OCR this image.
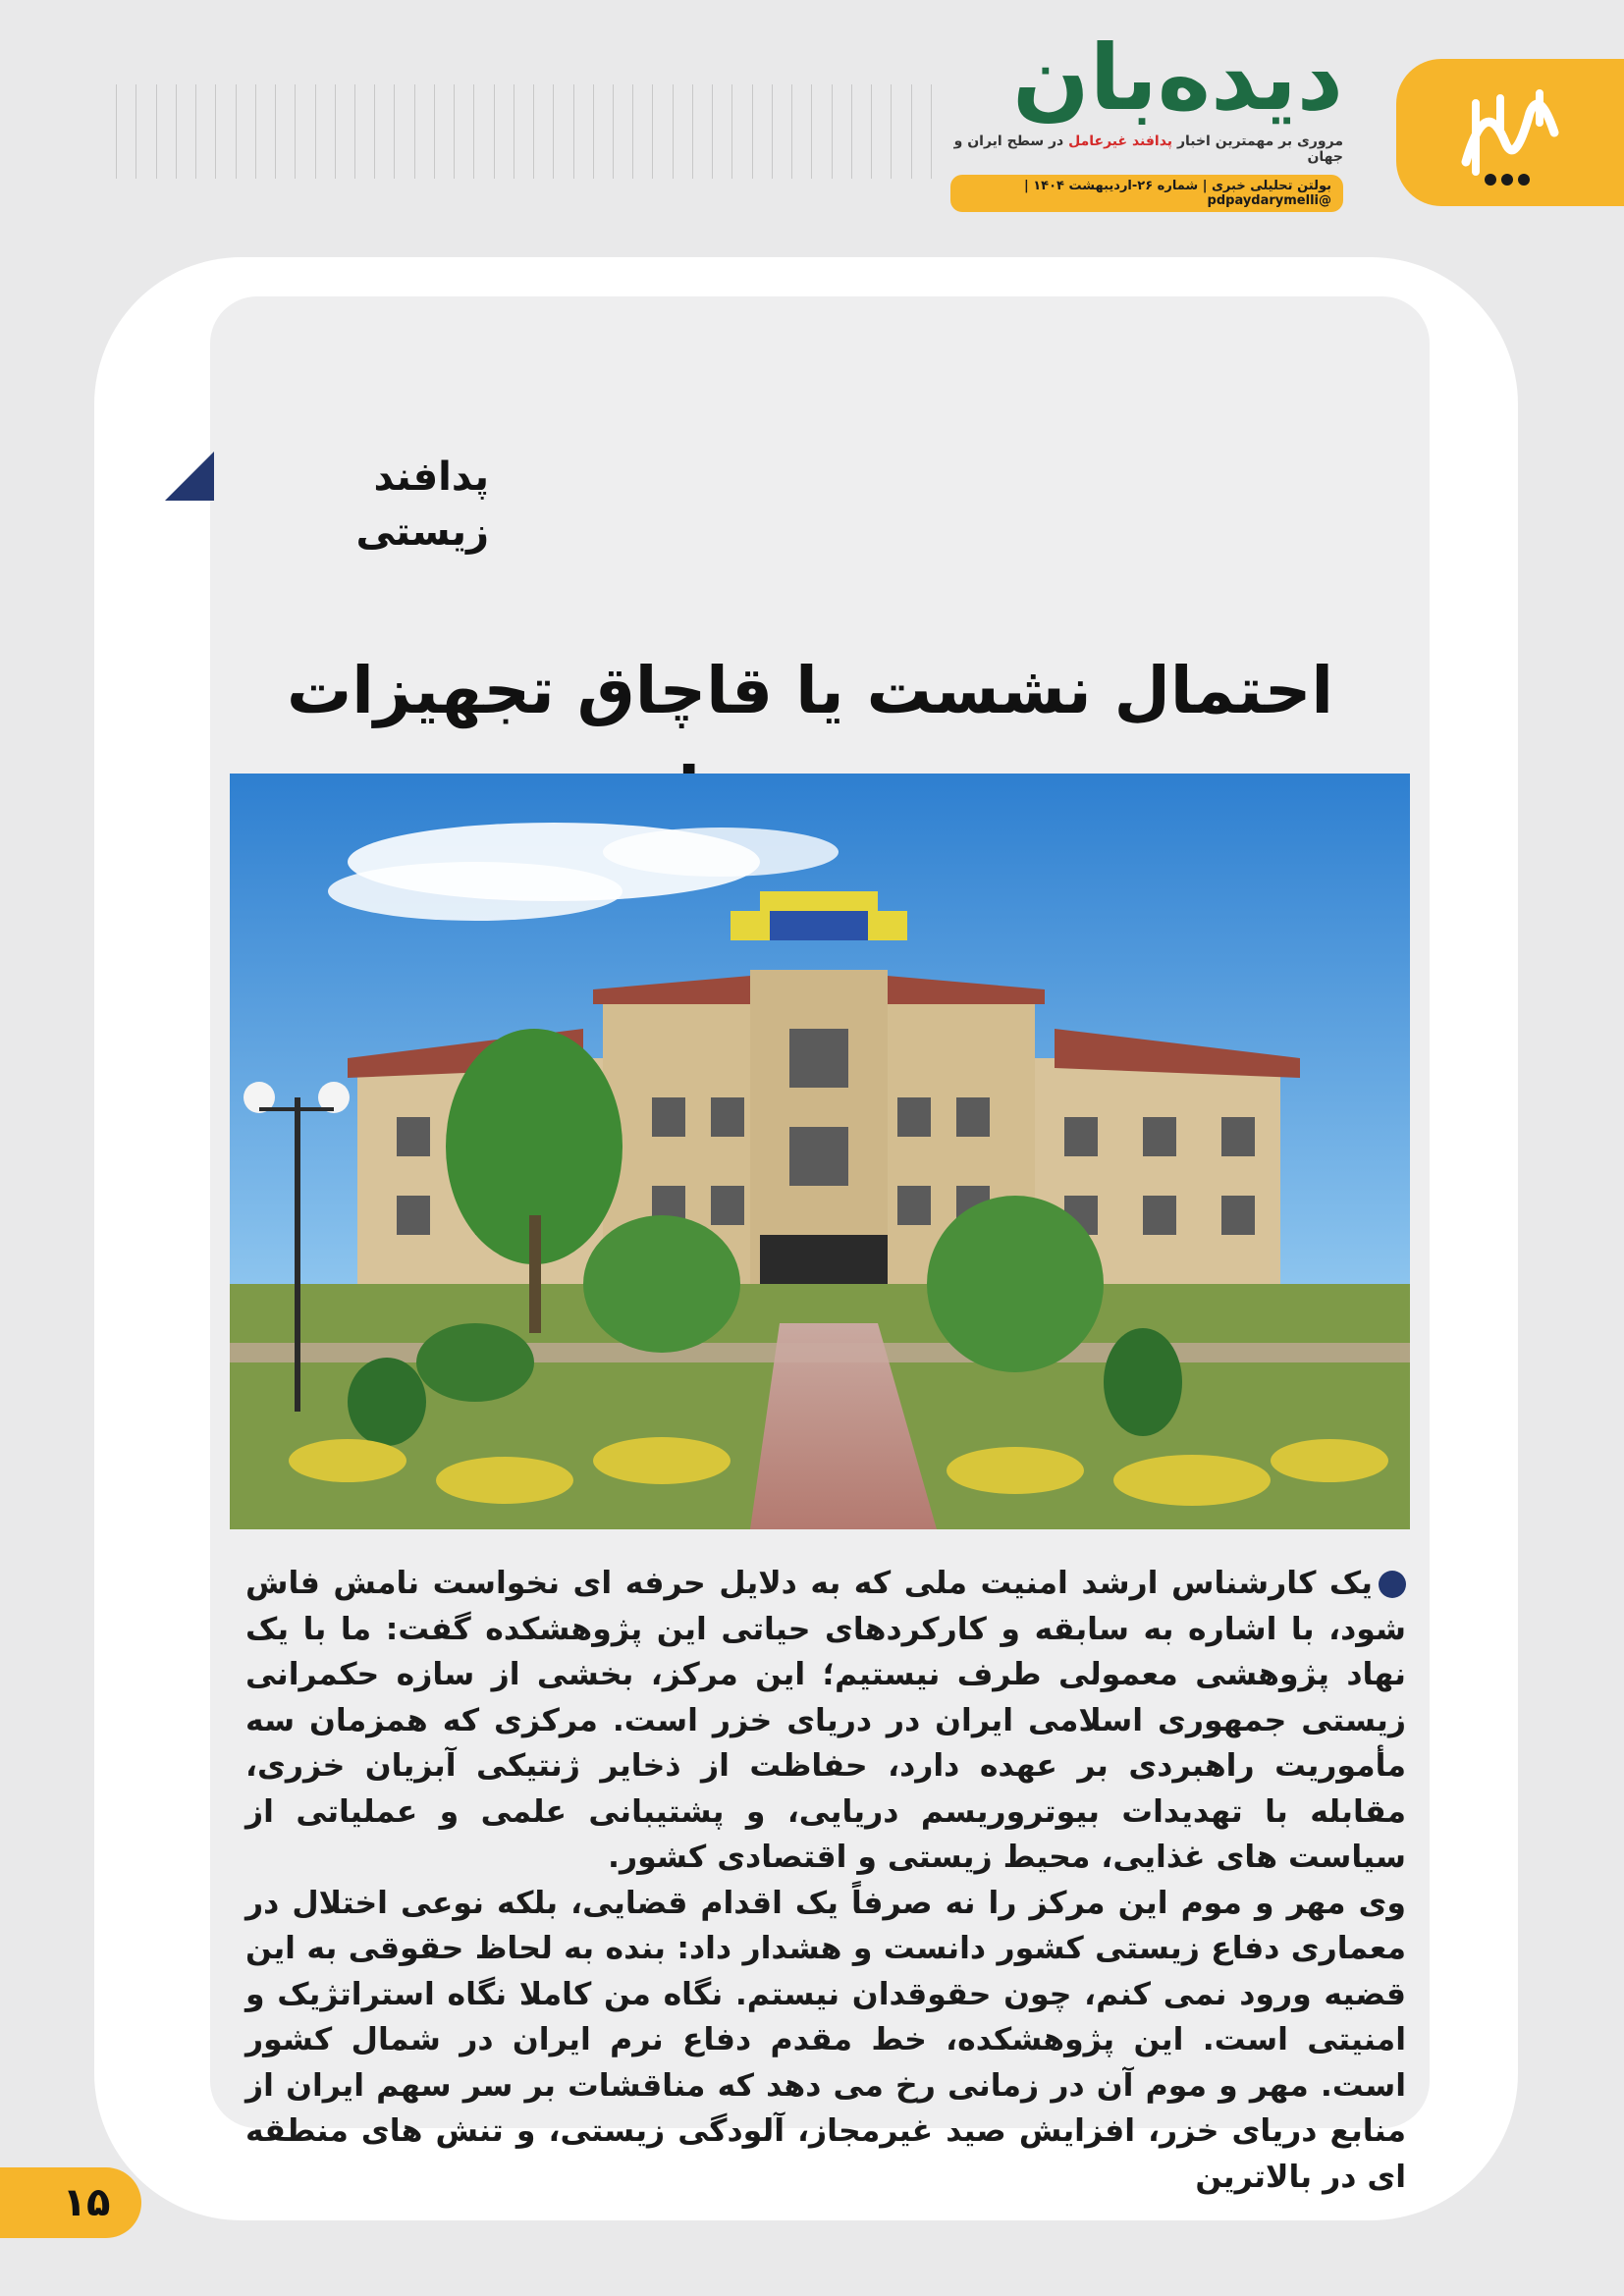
دیده‌بان
مروری بر مهمترین اخبار پدافند غیرعامل در سطح ایران و جهان
بولتن تحلیلی خبری | شماره ۲۶-اردیبهشت ۱۴۰۴ | @pdpaydarymelli
پدافند زیستی
احتمال نشست یا قاچاق تجهیزات

یک کارشناس ارشد امنیت ملی که به دلایل حرفه ای نخواست نامش فاش شود، با اشاره به سابقه و کارکردهای حیاتی این پژوهشکده گفت: ما با یک نهاد پژوهشی معمولی طرف نیستیم؛ این مرکز، بخشی از سازه حکمرانی زیستی جمهوری اسلامی ایران در دریای خزر است. مرکزی که همزمان سه مأموریت راهبردی بر عهده دارد، حفاظت از ذخایر ژنتیکی آبزیان خزری، مقابله با تهدیدات بیوتروریسم دریایی، و پشتیبانی علمی و عملیاتی از سیاست های غذایی، محیط زیستی و اقتصادی کشور.

وی مهر و موم این مرکز را نه صرفاً یک اقدام قضایی، بلکه نوعی اختلال در معماری دفاع زیستی کشور دانست و هشدار داد: بنده به لحاظ حقوقی به این قضیه ورود نمی کنم، چون حقوقدان نیستم. نگاه من کاملا نگاه استراتژیک و امنیتی است. این پژوهشکده، خط مقدم دفاع نرم ایران در شمال کشور است. مهر و موم آن در زمانی رخ می دهد که مناقشات بر سر سهم ایران از منابع دریای خزر، افزایش صید غیرمجاز، آلودگی زیستی، و تنش های منطقه ای در بالاترین

۱۵
